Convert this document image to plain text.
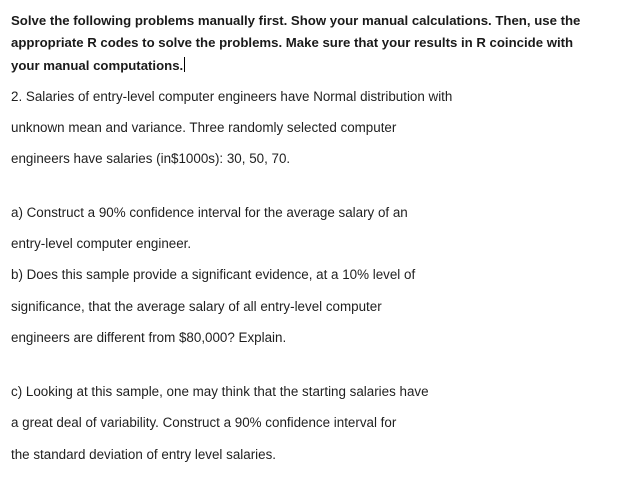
Solve the following problems manually first. Show your manual calculations. Then, use the
appropriate R codes to solve the problems. Make sure that your results in R coincide with
your manual computations.
2. Salaries of entry-level computer engineers have Normal distribution with
unknown mean and variance. Three randomly selected computer
engineers have salaries (in$1000s): 30, 50, 70.
a) Construct a 90% confidence interval for the average salary of an
entry-level computer engineer.
b) Does this sample provide a significant evidence, at a 10% level of
significance, that the average salary of all entry-level computer
engineers are different from $80,000? Explain.
c) Looking at this sample, one may think that the starting salaries have
a great deal of variability. Construct a 90% confidence interval for
the standard deviation of entry level salaries.
